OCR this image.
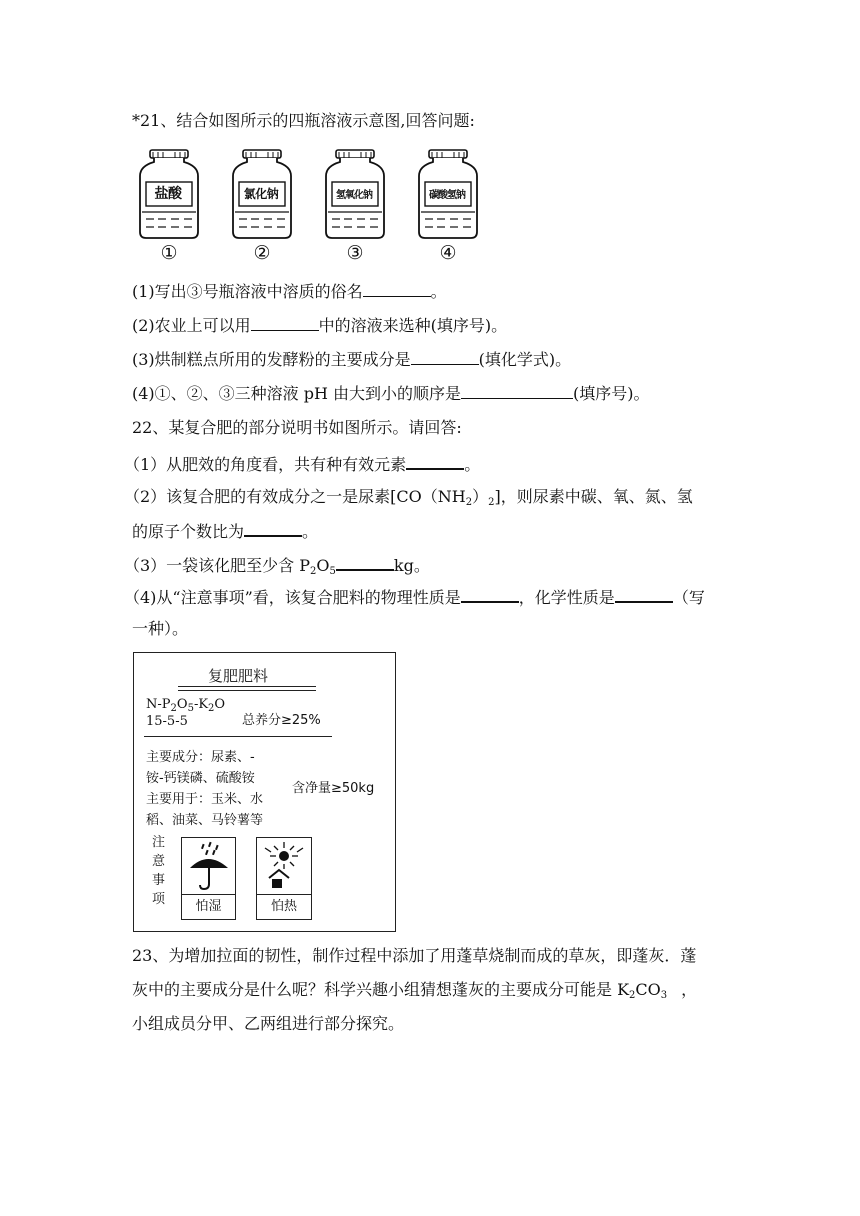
*21、结合如图所示的四瓶溶液示意图,回答问题:
盐酸
①
氯化钠
②
氢氧化钠
③
碳酸氢钠
④
(1)写出③号瓶溶液中溶质的俗名	。
(2)农业上可以用	中的溶液来选种(填序号)。
(3)烘制糕点所用的发酵粉的主要成分是	(填化学式)。
(4)①、②、③三种溶液 pH 由大到小的顺序是	(填序号)。
22、某复合肥的部分说明书如图所示。请回答:
（1）从肥效的角度看，共有种有效元素	。
（2）该复合肥的有效成分之一是尿素$[CO(NH_2)_2]$，则尿素中碳、氧、氮、氢
的原子个数比为	。
（3）一袋该化肥至少含 $P_2O_5$	kg。
（4)从“注意事项”看，该复合肥料的物理性质是	，化学性质是	（写
一种）。
复肥肥料
$N-P_2O_5-K_2O$
15-5-5	总养分≥25%
主要成分：尿素、-
铵-钙镁磷、硫酸铵
主要用于：玉米、水
稻、油菜、马铃薯等
含净量≥50kg
注
意
事
项	怕湿	怕热
23、为增加拉面的韧性，制作过程中添加了用蓬草烧制而成的草灰，即蓬灰．蓬
灰中的主要成分是什么呢？科学兴趣小组猜想蓬灰的主要成分可能是 $K_2CO_3$ ，
小组成员分甲、乙两组进行部分探究。
